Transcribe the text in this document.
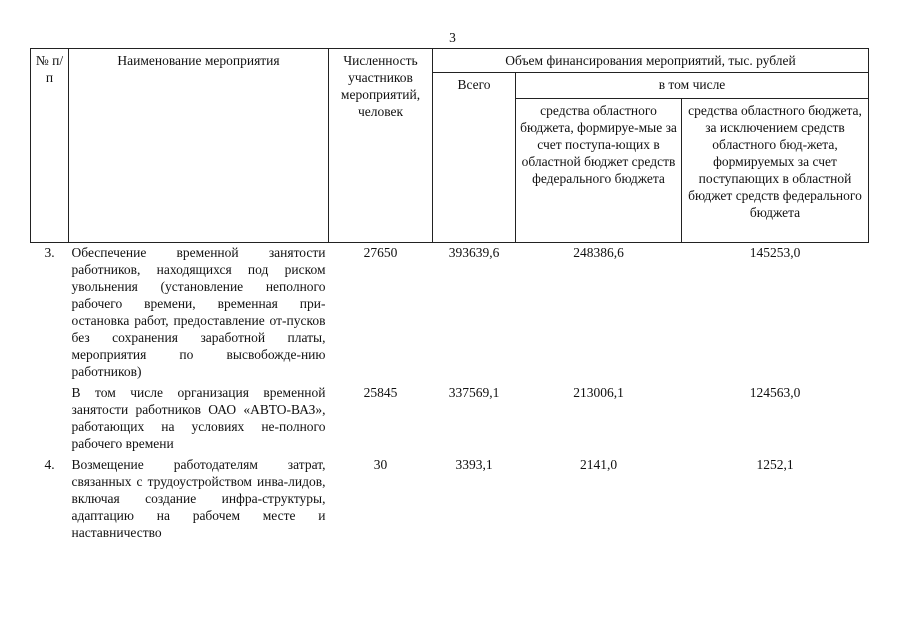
3
№ п/п	Наименование мероприятия	Численность участников мероприятий, человек	Объем финансирования мероприятий, тыс. рублей		
			Всего	в том числе	
				средства областного бюджета, формируе-мые за счет поступа-ющих в областной бюджет средств федерального бюджета	средства областного бюджета, за исключением средств областного бюд-жета, формируемых за счет поступающих в областной бюджет средств федерального бюджета
3.	Обеспечение временной занятости работников, находящихся под риском увольнения (установление неполного рабочего времени, временная при-остановка работ, предоставление от-пусков без сохранения заработной платы, мероприятия по высвобожде-нию работников)	27650	393639,6	248386,6	145253,0
	В том числе организация временной занятости работников ОАО «АВТО-ВАЗ», работающих на условиях не-полного рабочего времени	25845	337569,1	213006,1	124563,0
4.	Возмещение работодателям затрат, связанных с трудоустройством инва-лидов, включая создание инфра-структуры, адаптацию на рабочем месте и наставничество	30	3393,1	2141,0	1252,1
